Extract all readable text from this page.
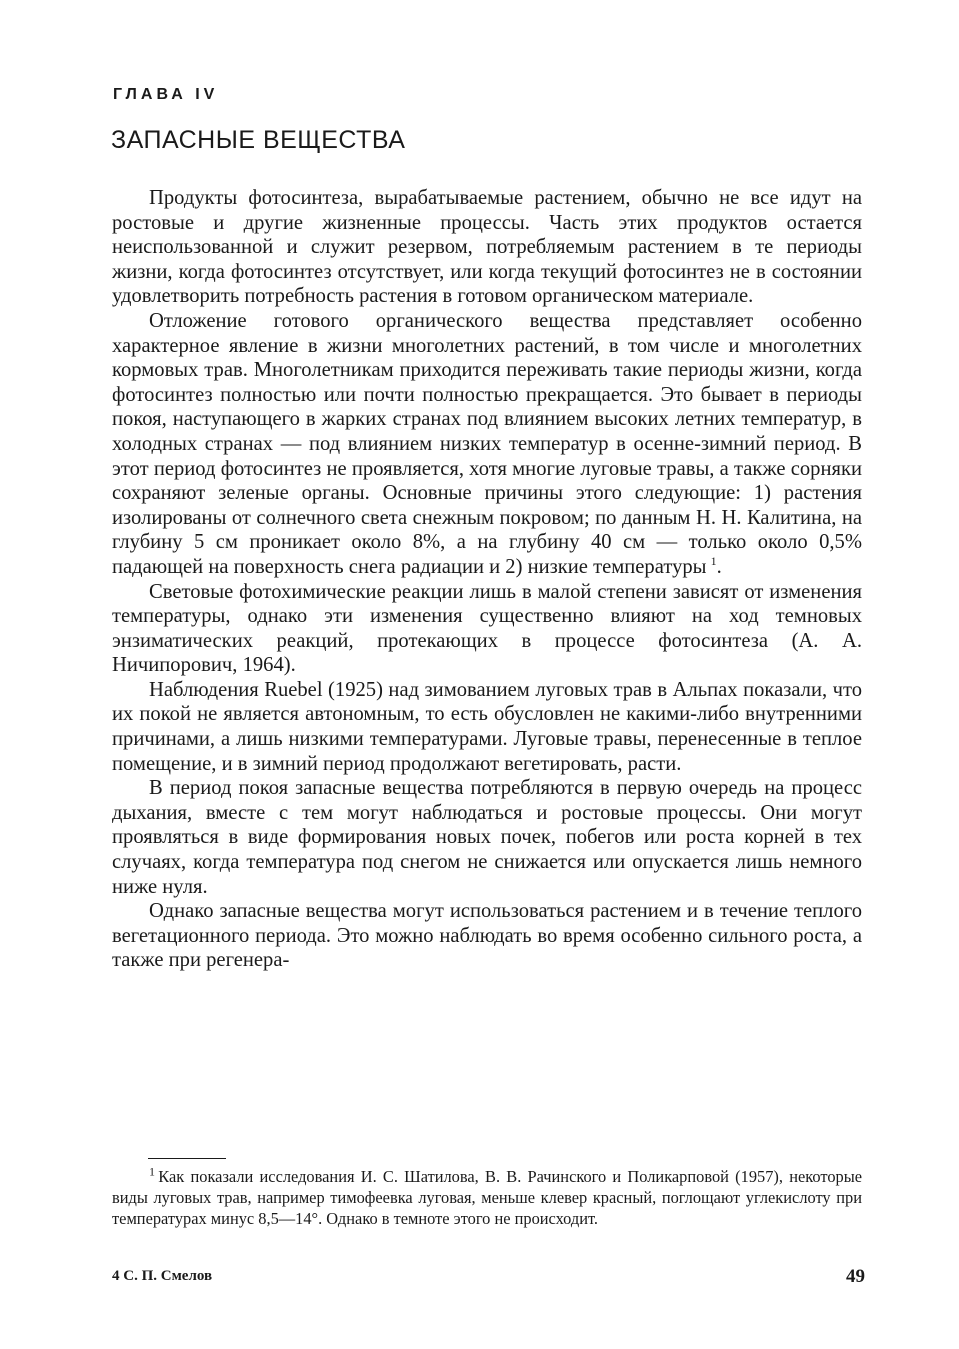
ГЛАВА IV

ЗАПАСНЫЕ ВЕЩЕСТВА

Продукты фотосинтеза, вырабатываемые растением, обычно не все идут на ростовые и другие жизненные процессы. Часть этих продуктов остается неиспользованной и служит резервом, потребляемым растением в те периоды жизни, когда фотосинтез отсутствует, или когда текущий фотосинтез не в состоянии удовлетворить потребность растения в готовом органическом материале.

Отложение готового органического вещества представляет особенно характерное явление в жизни многолетних растений, в том числе и многолетних кормовых трав. Многолетникам приходится переживать такие периоды жизни, когда фотосинтез полностью или почти полностью прекращается. Это бывает в периоды покоя, наступающего в жарких странах под влиянием высоких летних температур, в холодных странах — под влиянием низких температур в осенне-зимний период. В этот период фотосинтез не проявляется, хотя многие луговые травы, а также сорняки сохраняют зеленые органы. Основные причины этого следующие: 1) растения изолированы от солнечного света снежным покровом; по данным Н. Н. Калитина, на глубину 5 см проникает около 8%, а на глубину 40 см — только около 0,5% падающей на поверхность снега радиации и 2) низкие температуры  $^1$.

Световые фотохимические реакции лишь в малой степени зависят от изменения температуры, однако эти изменения существенно влияют на ход темновых энзиматических реакций, протекающих в процессе фотосинтеза (А. А. Ничипорович, 1964).

Наблюдения Ruebel (1925) над зимованием луговых трав в Альпах показали, что их покой не является автономным, то есть обусловлен не какими-либо внутренними причинами, а лишь низкими температурами. Луговые травы, перенесенные в теплое помещение, и в зимний период продолжают вегетировать, расти.

В период покоя запасные вещества потребляются в первую очередь на процесс дыхания, вместе с тем могут наблюдаться и ростовые процессы. Они могут проявляться в виде формирования новых почек, побегов или роста корней в тех случаях, когда температура под снегом не снижается или опускается лишь немного ниже нуля.

Однако запасные вещества могут использоваться растением и в течение теплого вегетационного периода. Это можно наблюдать во время особенно сильного роста, а также при регенера-

$^1$  Как показали исследования И. С. Шатилова, В. В. Рачинского и Поликарповой (1957), некоторые виды луговых трав, например тимофеевка луговая, меньше клевер красный, поглощают углекислоту при температурах минус 8,5—14°. Однако в темноте этого не происходит.

4 С. П. Смелов	49
